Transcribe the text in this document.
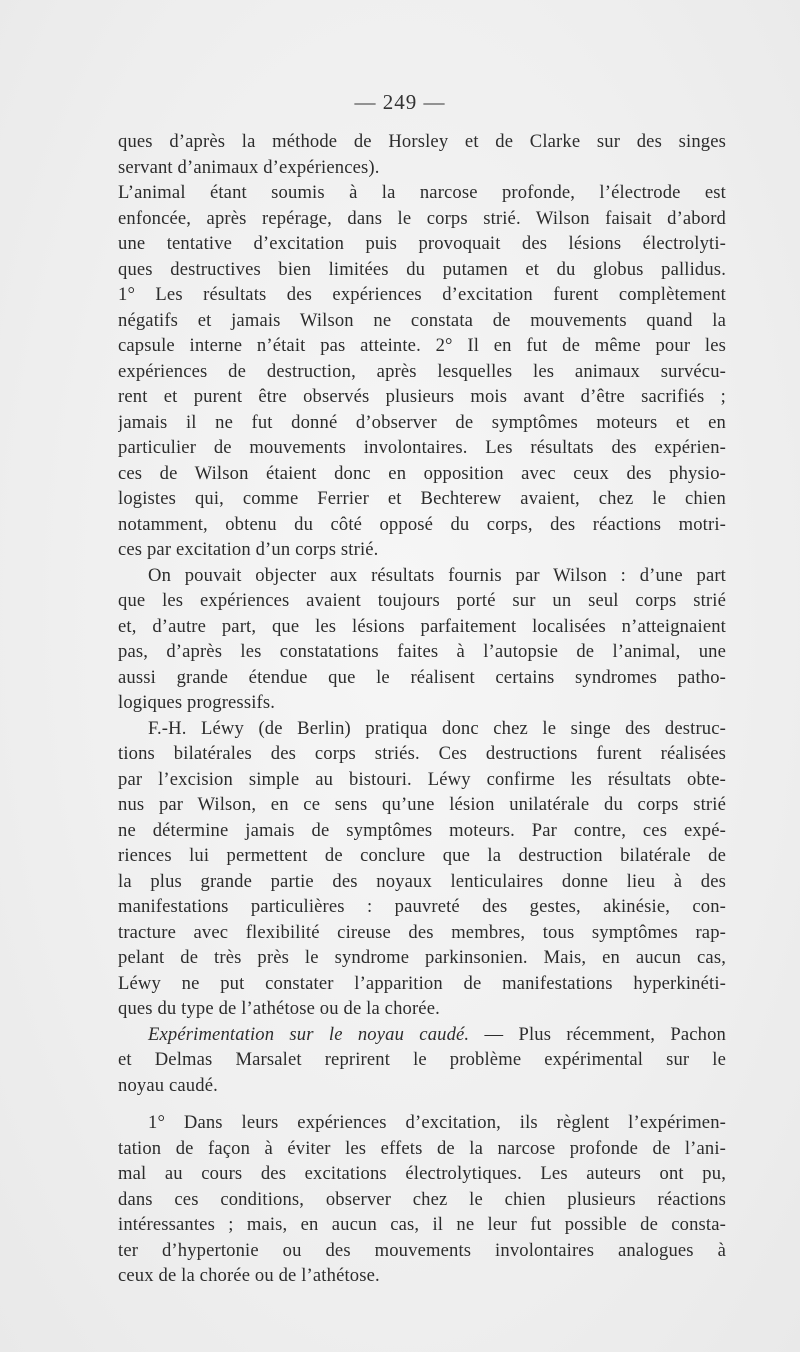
— 249 —
ques d’après la méthode de Horsley et de Clarke sur des singes
servant d’animaux d’expériences).
L’animal étant soumis à la narcose profonde, l’électrode est
enfoncée, après repérage, dans le corps strié. Wilson faisait d’abord
une tentative d’excitation puis provoquait des lésions électrolyti-
ques destructives bien limitées du putamen et du globus pallidus.
1° Les résultats des expériences d’excitation furent complètement
négatifs et jamais Wilson ne constata de mouvements quand la
capsule interne n’était pas atteinte. 2° Il en fut de même pour les
expériences de destruction, après lesquelles les animaux survécu-
rent et purent être observés plusieurs mois avant d’être sacrifiés ;
jamais il ne fut donné d’observer de symptômes moteurs et en
particulier de mouvements involontaires. Les résultats des expérien-
ces de Wilson étaient donc en opposition avec ceux des physio-
logistes qui, comme Ferrier et Bechterew avaient, chez le chien
notamment, obtenu du côté opposé du corps, des réactions motri-
ces par excitation d’un corps strié.
On pouvait objecter aux résultats fournis par Wilson : d’une part
que les expériences avaient toujours porté sur un seul corps strié
et, d’autre part, que les lésions parfaitement localisées n’atteignaient
pas, d’après les constatations faites à l’autopsie de l’animal, une
aussi grande étendue que le réalisent certains syndromes patho-
logiques progressifs.
F.-H. Léwy (de Berlin) pratiqua donc chez le singe des destruc-
tions bilatérales des corps striés. Ces destructions furent réalisées
par l’excision simple au bistouri. Léwy confirme les résultats obte-
nus par Wilson, en ce sens qu’une lésion unilatérale du corps strié
ne détermine jamais de symptômes moteurs. Par contre, ces expé-
riences lui permettent de conclure que la destruction bilatérale de
la plus grande partie des noyaux lenticulaires donne lieu à des
manifestations particulières : pauvreté des gestes, akinésie, con-
tracture avec flexibilité cireuse des membres, tous symptômes rap-
pelant de très près le syndrome parkinsonien. Mais, en aucun cas,
Léwy ne put constater l’apparition de manifestations hyperkinéti-
ques du type de l’athétose ou de la chorée.
Expérimentation sur le noyau caudé. — Plus récemment, Pachon
et Delmas Marsalet reprirent le problème expérimental sur le
noyau caudé.
1° Dans leurs expériences d’excitation, ils règlent l’expérimen-
tation de façon à éviter les effets de la narcose profonde de l’ani-
mal au cours des excitations électrolytiques. Les auteurs ont pu,
dans ces conditions, observer chez le chien plusieurs réactions
intéressantes ; mais, en aucun cas, il ne leur fut possible de consta-
ter d’hypertonie ou des mouvements involontaires analogues à
ceux de la chorée ou de l’athétose.
